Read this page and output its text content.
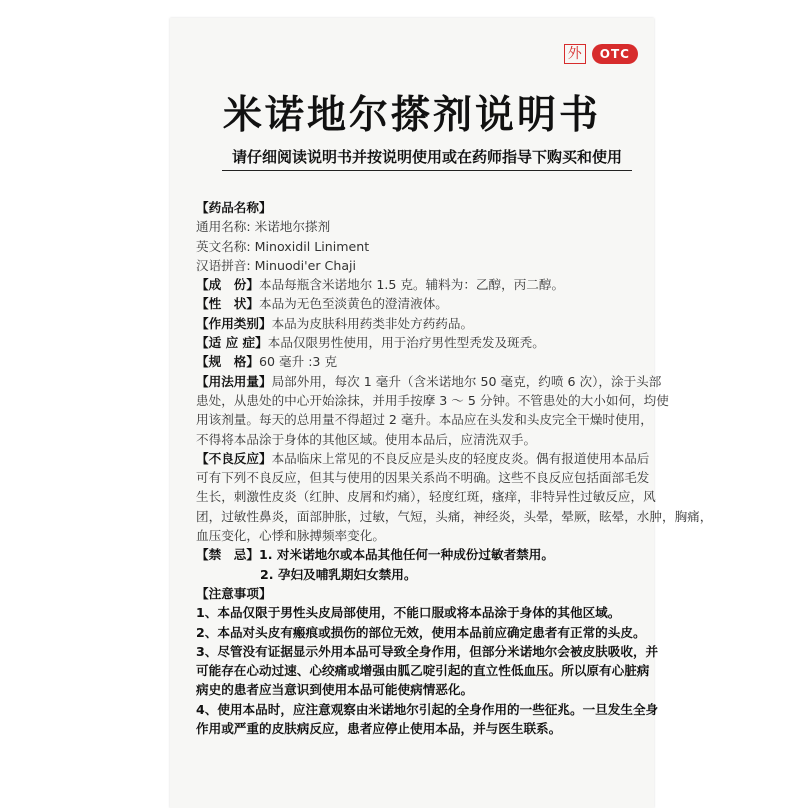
外	OTC
米诺地尔搽剂说明书
请仔细阅读说明书并按说明使用或在药师指导下购买和使用
【药品名称】
通用名称: 米诺地尔搽剂
英文名称: Minoxidil Liniment
汉语拼音: Minuodi'er Chaji
【成　份】本品每瓶含米诺地尔 1.5 克。辅料为：乙醇，丙二醇。
【性　状】本品为无色至淡黄色的澄清液体。
【作用类别】本品为皮肤科用药类非处方药药品。
【适 应 症】本品仅限男性使用，用于治疗男性型秃发及斑秃。
【规　格】60 毫升 :3 克
【用法用量】局部外用，每次 1 毫升（含米诺地尔 50 毫克，约喷 6 次），涂于头部
患处，从患处的中心开始涂抹，并用手按摩 3 ～ 5 分钟。不管患处的大小如何，均使
用该剂量。每天的总用量不得超过 2 毫升。本品应在头发和头皮完全干燥时使用，
不得将本品涂于身体的其他区域。使用本品后，应清洗双手。
【不良反应】本品临床上常见的不良反应是头皮的轻度皮炎。偶有报道使用本品后
可有下列不良反应，但其与使用的因果关系尚不明确。这些不良反应包括面部毛发
生长，刺激性皮炎（红肿、皮屑和灼痛），轻度红斑，瘙痒，非特异性过敏反应，风
团，过敏性鼻炎，面部肿胀，过敏，气短，头痛，神经炎，头晕，晕厥，眩晕，水肿，胸痛，
血压变化，心悸和脉搏频率变化。
【禁　忌】1. 对米诺地尔或本品其他任何一种成份过敏者禁用。
2. 孕妇及哺乳期妇女禁用。
【注意事项】
1、本品仅限于男性头皮局部使用，不能口服或将本品涂于身体的其他区域。
2、本品对头皮有瘢痕或损伤的部位无效，使用本品前应确定患者有正常的头皮。
3、尽管没有证据显示外用本品可导致全身作用，但部分米诺地尔会被皮肤吸收，并
可能存在心动过速、心绞痛或增强由胍乙啶引起的直立性低血压。所以原有心脏病
病史的患者应当意识到使用本品可能使病情恶化。
4、使用本品时，应注意观察由米诺地尔引起的全身作用的一些征兆。一旦发生全身
作用或严重的皮肤病反应，患者应停止使用本品，并与医生联系。
